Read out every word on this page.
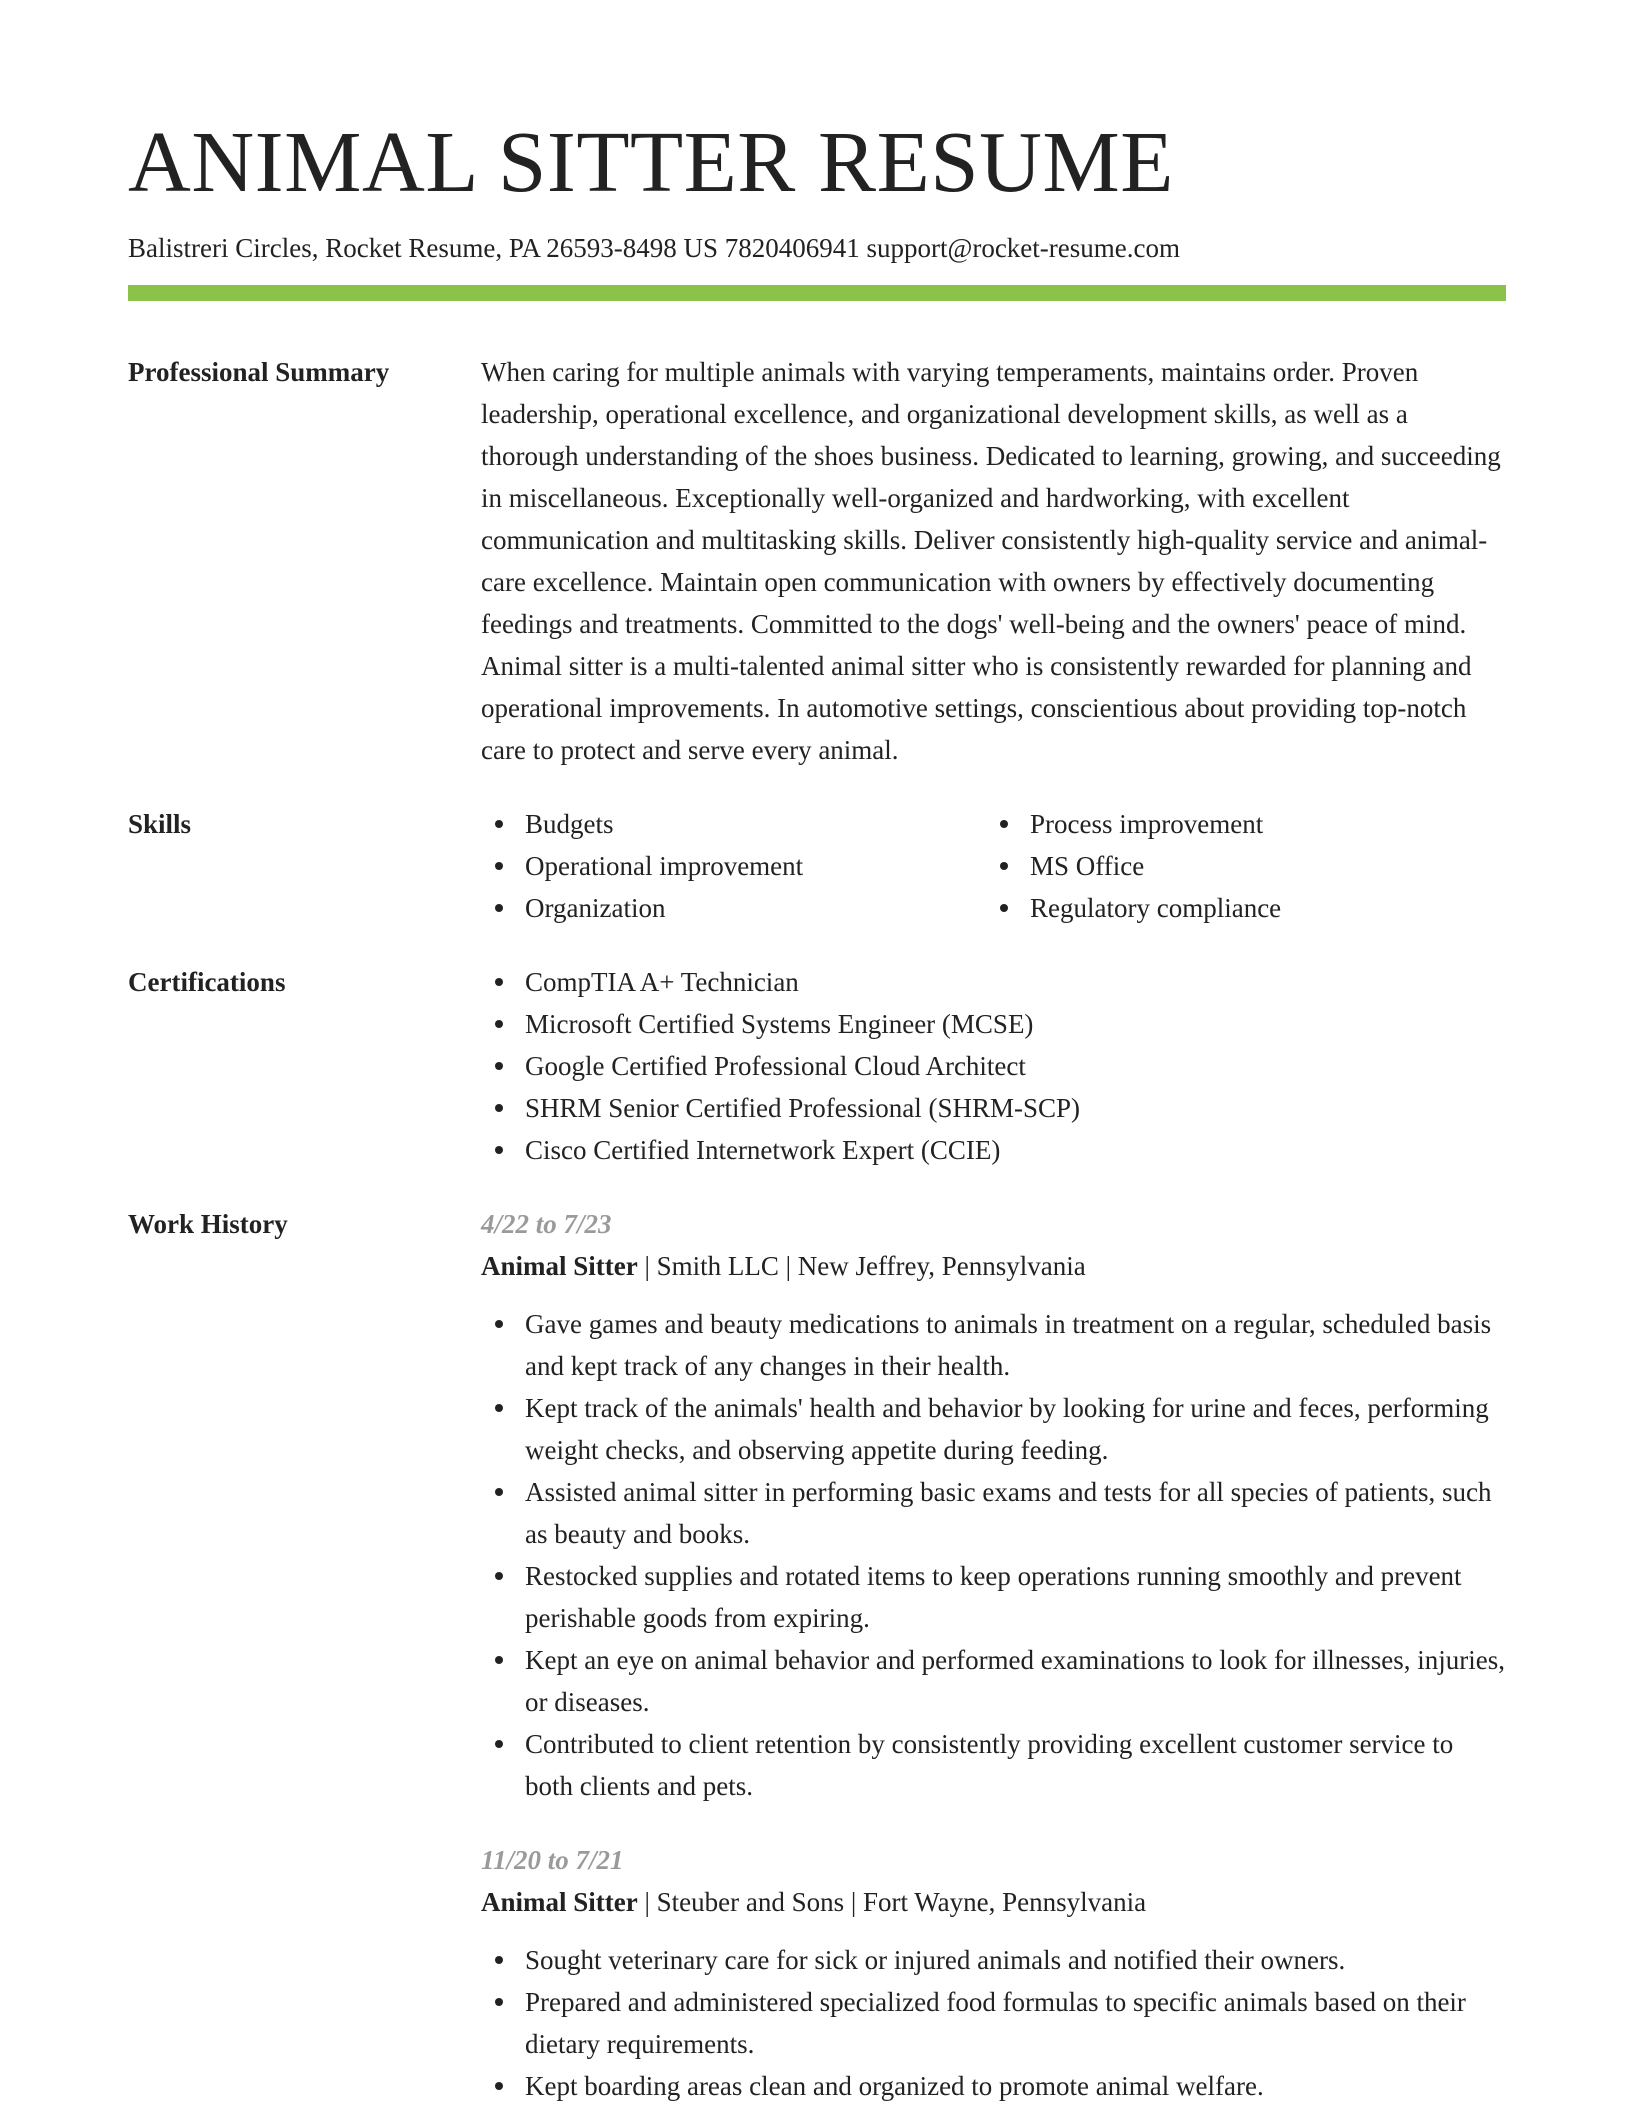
ANIMAL SITTER RESUME
Balistreri Circles, Rocket Resume, PA 26593-8498 US 7820406941 support@rocket-resume.com
Professional Summary	When caring for multiple animals with varying temperaments, maintains order. Proven leadership, operational excellence, and organizational development skills, as well as a thorough understanding of the shoes business. Dedicated to learning, growing, and succeeding in miscellaneous. Exceptionally well-organized and hardworking, with excellent communication and multitasking skills. Deliver consistently high-quality service and animal-care excellence. Maintain open communication with owners by effectively documenting feedings and treatments. Committed to the dogs' well-being and the owners' peace of mind. Animal sitter is a multi-talented animal sitter who is consistently rewarded for planning and operational improvements. In automotive settings, conscientious about providing top-notch care to protect and serve every animal.
Skills	Budgets
Operational improvement
Organization
Process improvement
MS Office
Regulatory compliance
Certifications	CompTIA A+ Technician
Microsoft Certified Systems Engineer (MCSE)
Google Certified Professional Cloud Architect
SHRM Senior Certified Professional (SHRM-SCP)
Cisco Certified Internetwork Expert (CCIE)
Work History	4/22 to 7/23
Animal Sitter | Smith LLC | New Jeffrey, Pennsylvania
Gave games and beauty medications to animals in treatment on a regular, scheduled basis and kept track of any changes in their health.
Kept track of the animals' health and behavior by looking for urine and feces, performing weight checks, and observing appetite during feeding.
Assisted animal sitter in performing basic exams and tests for all species of patients, such as beauty and books.
Restocked supplies and rotated items to keep operations running smoothly and prevent perishable goods from expiring.
Kept an eye on animal behavior and performed examinations to look for illnesses, injuries, or diseases.
Contributed to client retention by consistently providing excellent customer service to both clients and pets.
11/20 to 7/21
Animal Sitter | Steuber and Sons | Fort Wayne, Pennsylvania
Sought veterinary care for sick or injured animals and notified their owners.
Prepared and administered specialized food formulas to specific animals based on their dietary requirements.
Kept boarding areas clean and organized to promote animal welfare.
